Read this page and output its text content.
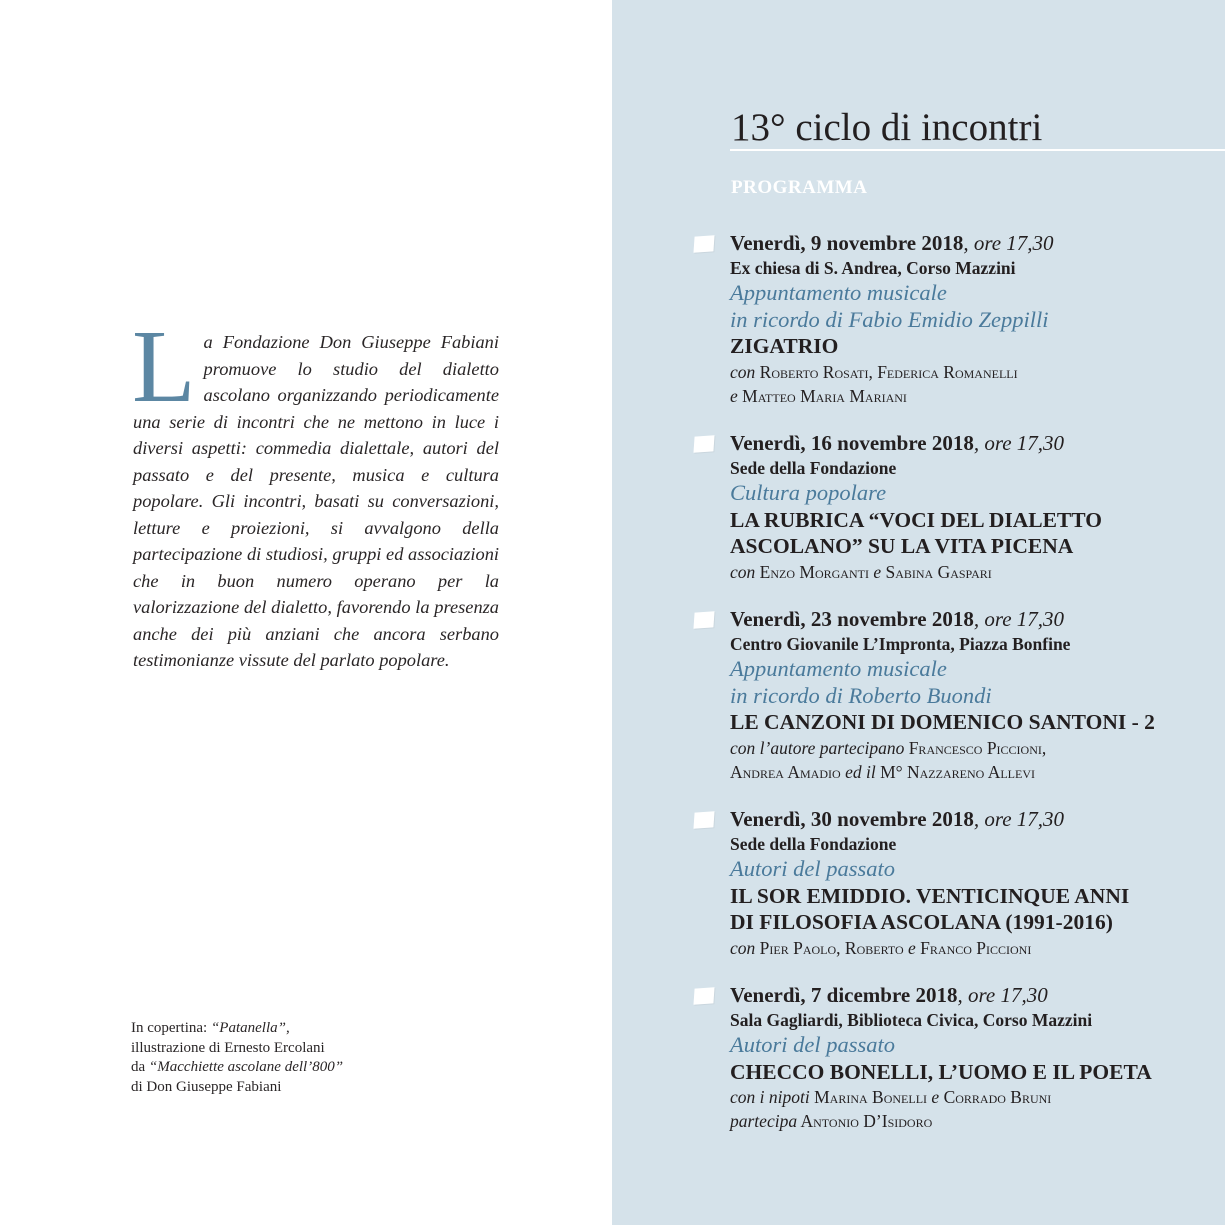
La Fondazione Don Giuseppe Fabiani promuove lo studio del dialetto ascolano organizzando periodicamente una serie di incontri che ne mettono in luce i diversi aspetti: commedia dialettale, autori del passato e del presente, musica e cultura popolare. Gli incontri, basati su conversazioni, letture e proiezioni, si avvalgono della partecipazione di studiosi, gruppi ed associazioni che in buon numero operano per la valorizzazione del dialetto, favorendo la presenza anche dei più anziani che ancora serbano testimonianze vissute del parlato popolare.
In copertina: “Patanella”,
illustrazione di Ernesto Ercolani
da “Macchiette ascolane dell’800”
di Don Giuseppe Fabiani
13° ciclo di incontri
PROGRAMMA
Venerdì, 9 novembre 2018, ore 17,30
Ex chiesa di S. Andrea, Corso Mazzini
Appuntamento musicale
in ricordo di Fabio Emidio Zeppilli
ZIGATRIO
con Roberto Rosati, Federica Romanelli
e Matteo Maria Mariani
Venerdì, 16 novembre 2018, ore 17,30
Sede della Fondazione
Cultura popolare
LA RUBRICA “VOCI DEL DIALETTO
ASCOLANO” SU LA VITA PICENA
con Enzo Morganti e Sabina Gaspari
Venerdì, 23 novembre 2018, ore 17,30
Centro Giovanile L’Impronta, Piazza Bonfine
Appuntamento musicale
in ricordo di Roberto Buondi
LE CANZONI DI DOMENICO SANTONI - 2
con l’autore partecipano Francesco Piccioni,
Andrea Amadio ed il M° Nazzareno Allevi
Venerdì, 30 novembre 2018, ore 17,30
Sede della Fondazione
Autori del passato
IL SOR EMIDDIO. VENTICINQUE ANNI
DI FILOSOFIA ASCOLANA (1991-2016)
con Pier Paolo, Roberto e Franco Piccioni
Venerdì, 7 dicembre 2018, ore 17,30
Sala Gagliardi, Biblioteca Civica, Corso Mazzini
Autori del passato
CHECCO BONELLI, L’UOMO E IL POETA
con i nipoti Marina Bonelli e Corrado Bruni
partecipa Antonio D’Isidoro
